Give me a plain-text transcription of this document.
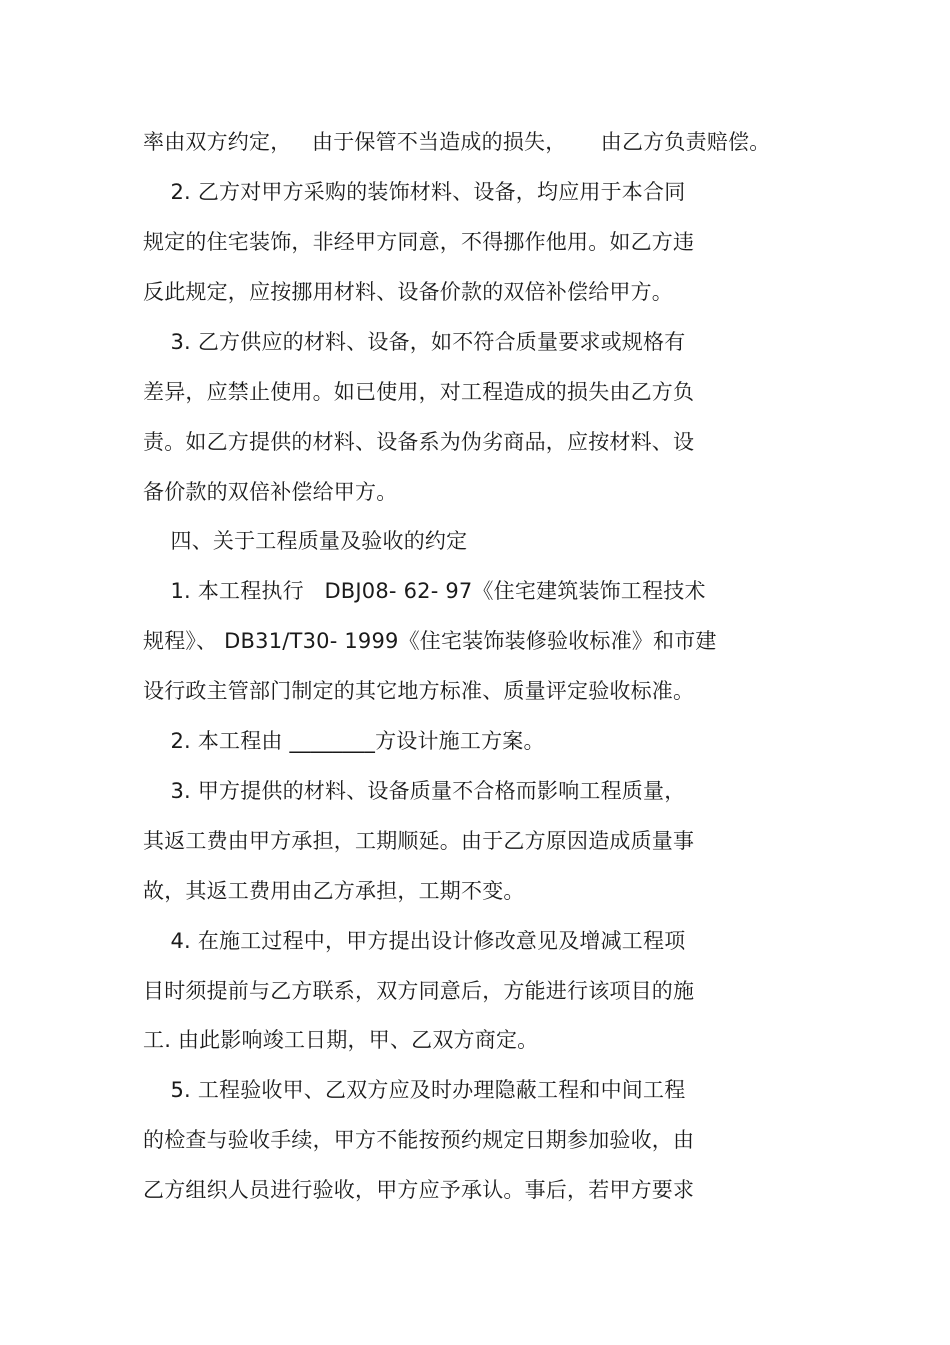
率由双方约定，   由于保管不当造成的损失，     由乙方负责赔偿。
2. 乙方对甲方采购的装饰材料、设备，均应用于本合同
规定的住宅装饰，非经甲方同意，不得挪作他用。如乙方违
反此规定，应按挪用材料、设备价款的双倍补偿给甲方。
3. 乙方供应的材料、设备，如不符合质量要求或规格有
差异，应禁止使用。如已使用，对工程造成的损失由乙方负
责。如乙方提供的材料、设备系为伪劣商品，应按材料、设
备价款的双倍补偿给甲方。
四、关于工程质量及验收的约定
1. 本工程执行   DBJ08- 62- 97《住宅建筑装饰工程技术
规程》、 DB31/T30- 1999《住宅装饰装修验收标准》和市建
设行政主管部门制定的其它地方标准、质量评定验收标准。
2. 本工程由 ________方设计施工方案。
3. 甲方提供的材料、设备质量不合格而影响工程质量，
其返工费由甲方承担，工期顺延。由于乙方原因造成质量事
故，其返工费用由乙方承担，工期不变。
4. 在施工过程中，甲方提出设计修改意见及增减工程项
目时须提前与乙方联系，双方同意后，方能进行该项目的施
工. 由此影响竣工日期，甲、乙双方商定。
5. 工程验收甲、乙双方应及时办理隐蔽工程和中间工程
的检查与验收手续，甲方不能按预约规定日期参加验收，由
乙方组织人员进行验收，甲方应予承认。事后，若甲方要求
